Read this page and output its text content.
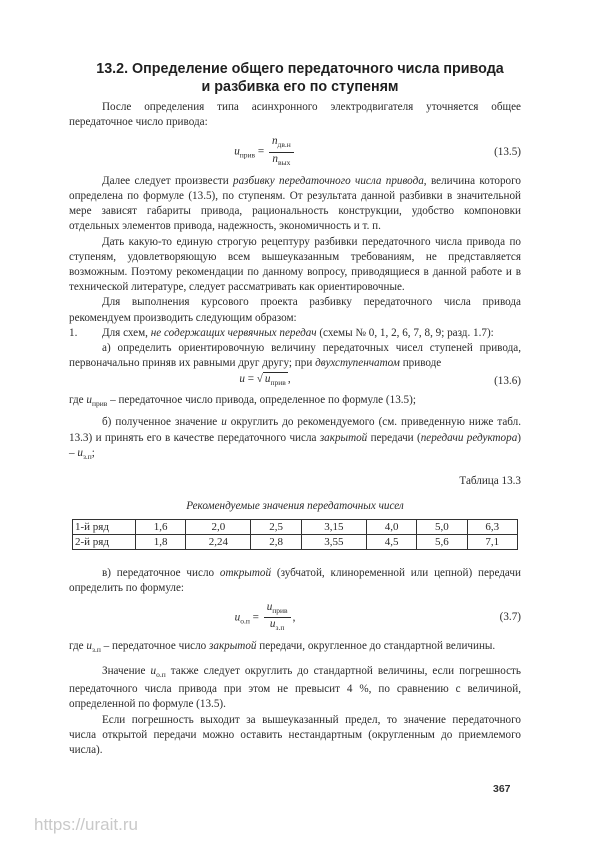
13.2. Определение общего передаточного числа привода
и разбивка его по ступеням

После определения типа асинхронного электродвигателя уточняется общее передаточное число привода:

$u_{прив} = \frac{n_{дв.н}}{n_{вых}}$	(13.5)

Далее следует произвести разбивку передаточного числа привода, величина которого определена по формуле (13.5), по ступеням. От результата данной разбивки в значительной мере зависят габариты привода, рациональность конструкции, удобство компоновки отдельных элементов привода, надежность, экономичность и т. п.

Дать какую-то единую строгую рецептуру разбивки передаточного числа привода по ступеням, удовлетворяющую всем вышеуказанным требованиям, не представляется возможным. Поэтому рекомендации по данному вопросу, приводящиеся в данной работе и в технической литературе, следует рассматривать как ориентировочные.

Для выполнения курсового проекта разбивку передаточного числа привода рекомендуем производить следующим образом:

1.	Для схем, не содержащих червячных передач (схемы № 0, 1, 2, 6, 7, 8, 9; разд. 1.7):

а) определить ориентировочную величину передаточных чисел ступеней привода, первоначально приняв их равными друг другу; при двухступенчатом приводе

u = √ $u_{прив}$ ,	(13.6)

где $u_{прив}$ – передаточное число привода, определенное по формуле (13.5);

б) полученное значение u округлить до рекомендуемого (см. приведенную ниже табл. 13.3) и принять его в качестве передаточного числа закрытой передачи (передачи редуктора) – $u_{з.п}$;

Таблица 13.3
Рекомендуемые значения передаточных чисел
1-й ряд	1,6	2,0	2,5	3,15	4,0	5,0	6,3
2-й ряд	1,8	2,24	2,8	3,55	4,5	5,6	7,1

в) передаточное число открытой (зубчатой, клиноременной или цепной) передачи определить по формуле:

$u_{о.п} = \frac{u_{прив}}{u_{з.п}}$ ,	(3.7)

где $u_{з.п}$ – передаточное число закрытой передачи, округленное до стандартной величины.

Значение $u_{о.п}$ также следует округлить до стандартной величины, если погрешность передаточного числа привода при этом не превысит 4 %, по сравнению с величиной, определенной по формуле (13.5).

Если погрешность выходит за вышеуказанный предел, то значение передаточного числа открытой передачи можно оставить нестандартным (округленным до приемлемого числа).

367
https://urait.ru
